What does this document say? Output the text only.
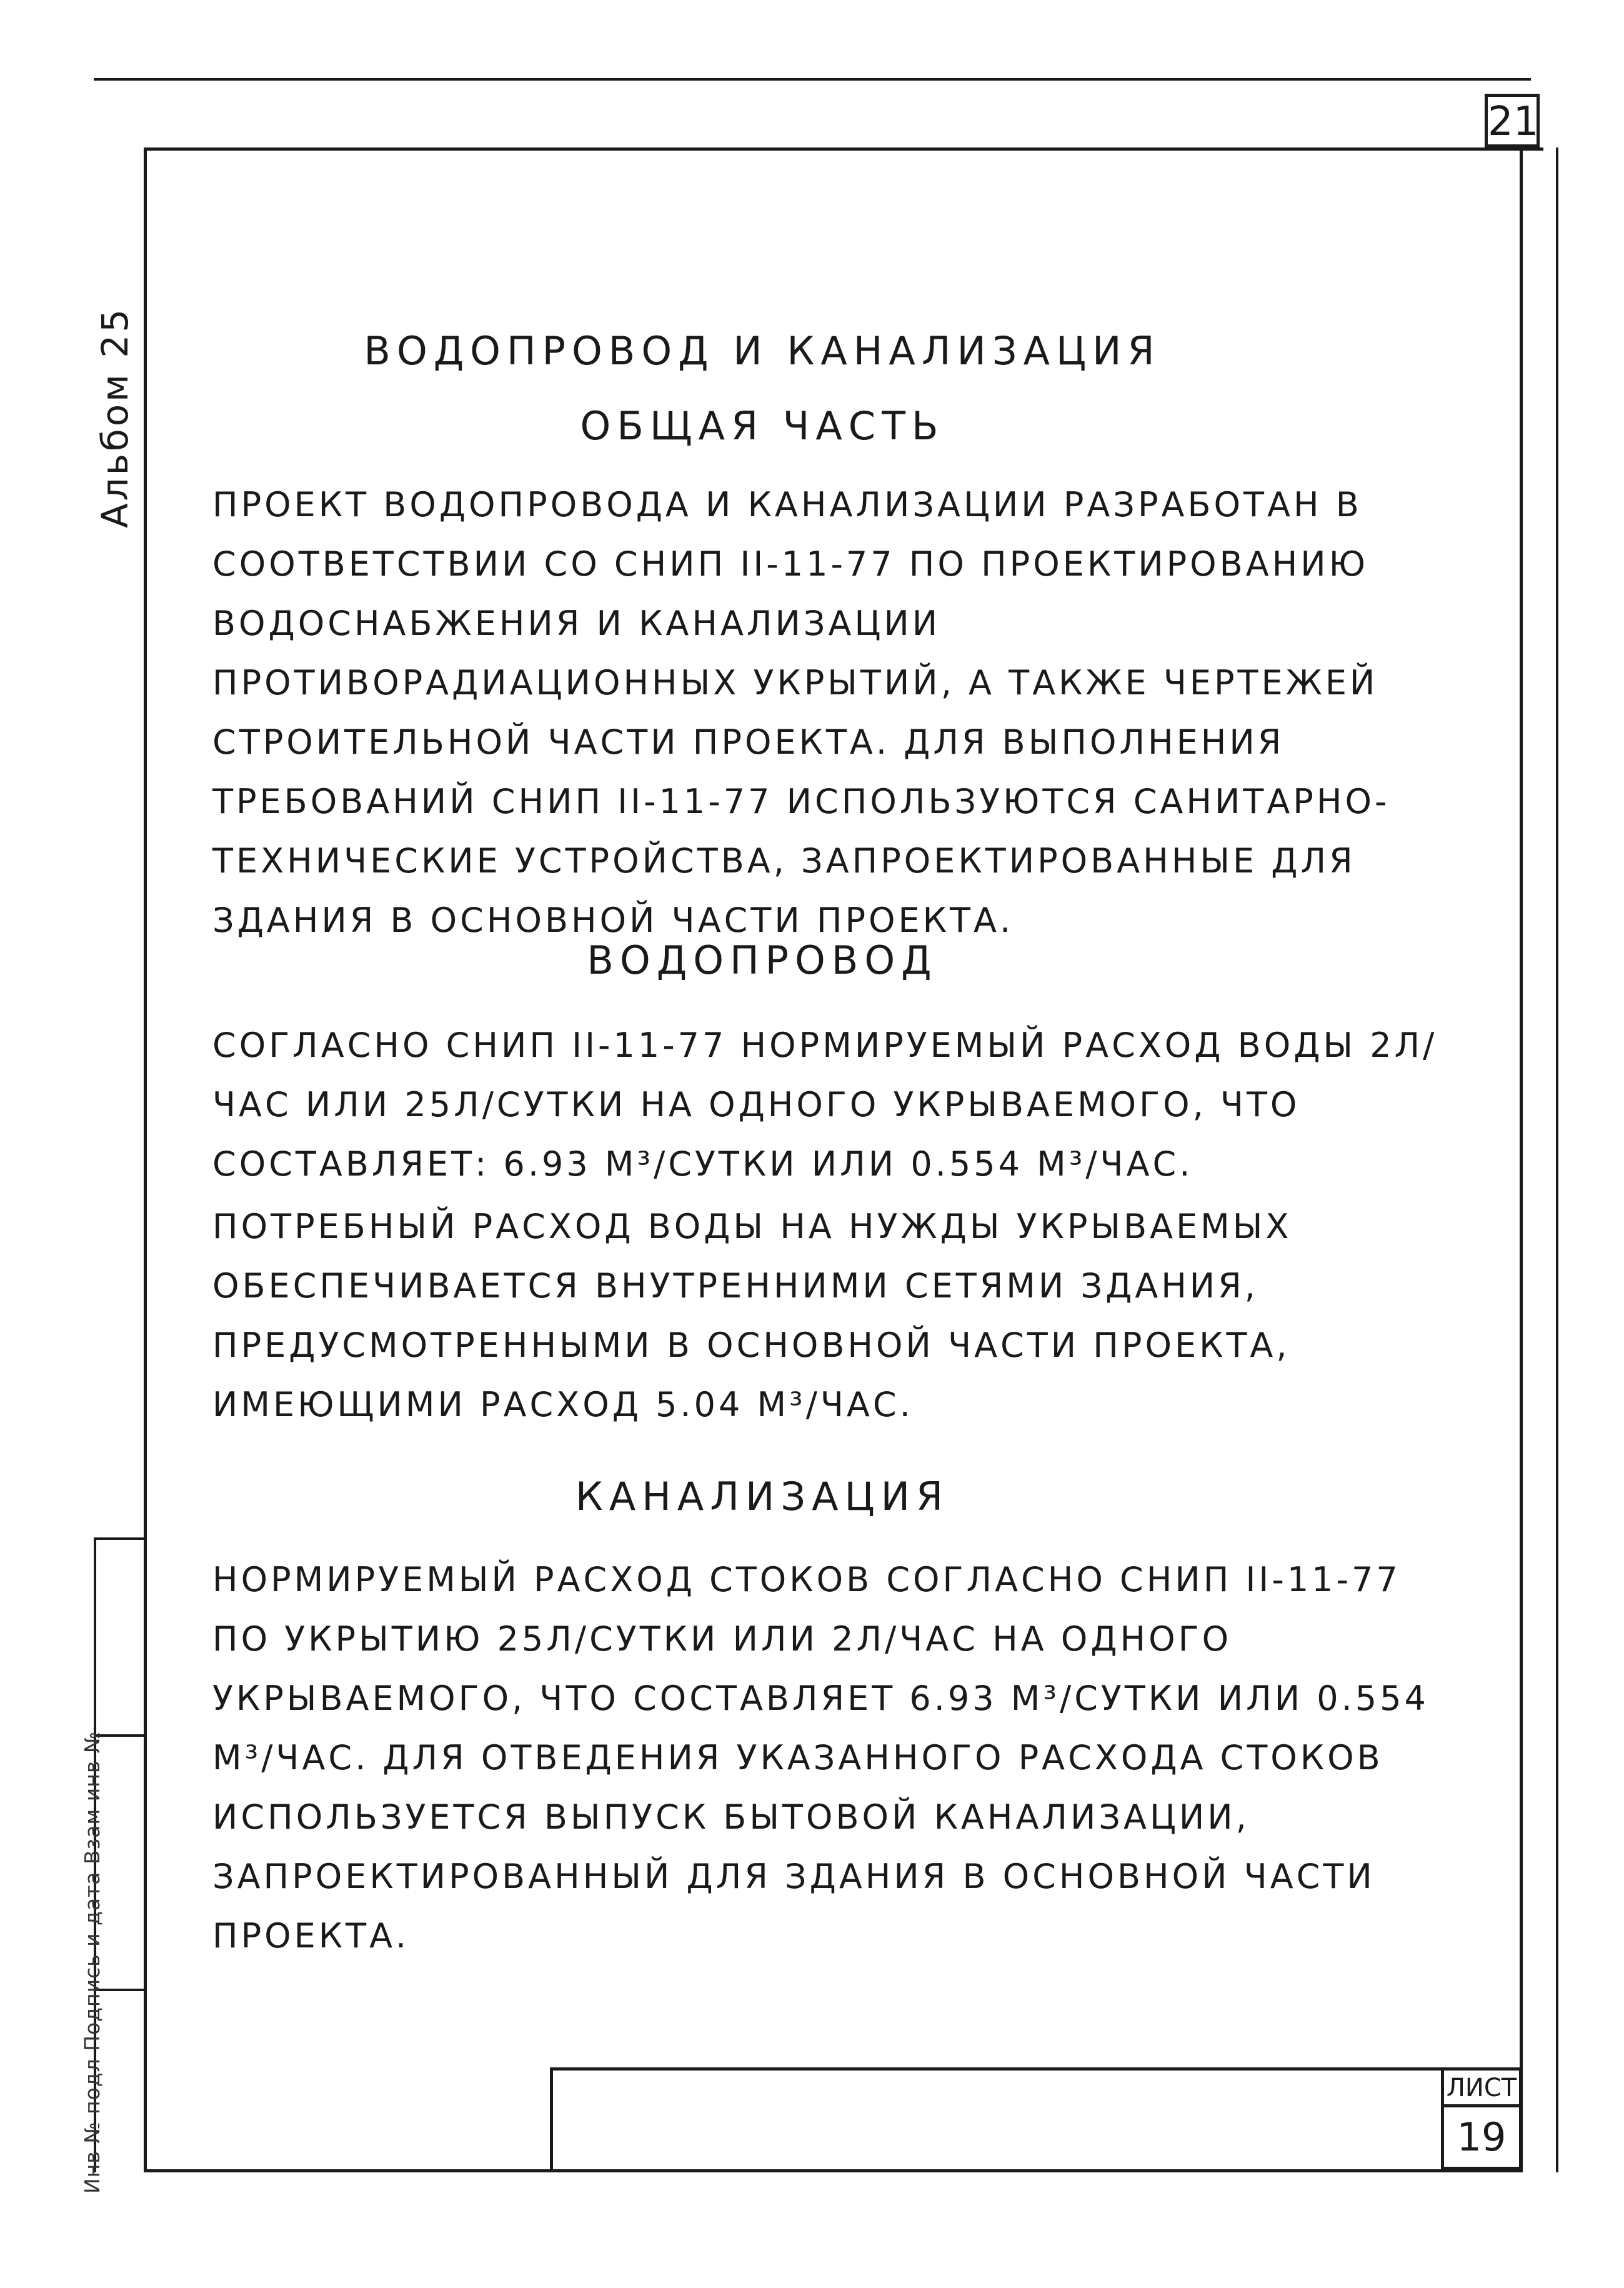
21
Альбом 25
Инв № подл Подпись и дата Взам инв №
ВОДОПРОВОД И КАНАЛИЗАЦИЯ
ОБЩАЯ ЧАСТЬ
ПРОЕКТ ВОДОПРОВОДА И КАНАЛИЗАЦИИ РАЗРАБОТАН В СООТВЕТСТВИИ СО СНИП II-11-77 ПО ПРОЕКТИРОВАНИЮ ВОДОСНАБЖЕНИЯ И КАНАЛИЗАЦИИ ПРОТИВОРАДИАЦИОННЫХ УКРЫТИЙ, А ТАКЖЕ ЧЕРТЕЖЕЙ СТРОИТЕЛЬНОЙ ЧАСТИ ПРОЕКТА. ДЛЯ ВЫПОЛНЕНИЯ ТРЕБОВАНИЙ СНИП II-11-77 ИСПОЛЬЗУЮТСЯ САНИТАРНО-ТЕХНИЧЕСКИЕ УСТРОЙСТВА, ЗАПРОЕКТИРОВАННЫЕ ДЛЯ ЗДАНИЯ В ОСНОВНОЙ ЧАСТИ ПРОЕКТА.
ВОДОПРОВОД
СОГЛАСНО СНИП II-11-77 НОРМИРУЕМЫЙ РАСХОД ВОДЫ 2Л/ЧАС ИЛИ 25Л/СУТКИ НА ОДНОГО УКРЫВАЕМОГО, ЧТО СОСТАВЛЯЕТ: 6.93 М³/СУТКИ ИЛИ 0.554 М³/ЧАС.
ПОТРЕБНЫЙ РАСХОД ВОДЫ НА НУЖДЫ УКРЫВАЕМЫХ ОБЕСПЕЧИВАЕТСЯ ВНУТРЕННИМИ СЕТЯМИ ЗДАНИЯ, ПРЕДУСМОТРЕННЫМИ В ОСНОВНОЙ ЧАСТИ ПРОЕКТА, ИМЕЮЩИМИ РАСХОД 5.04 М³/ЧАС.
КАНАЛИЗАЦИЯ
НОРМИРУЕМЫЙ РАСХОД СТОКОВ СОГЛАСНО СНИП II-11-77 ПО УКРЫТИЮ 25Л/СУТКИ ИЛИ 2Л/ЧАС НА ОДНОГО УКРЫВАЕМОГО, ЧТО СОСТАВЛЯЕТ 6.93 М³/СУТКИ ИЛИ 0.554 М³/ЧАС. ДЛЯ ОТВЕДЕНИЯ УКАЗАННОГО РАСХОДА СТОКОВ ИСПОЛЬЗУЕТСЯ ВЫПУСК БЫТОВОЙ КАНАЛИЗАЦИИ, ЗАПРОЕКТИРОВАННЫЙ ДЛЯ ЗДАНИЯ В ОСНОВНОЙ ЧАСТИ ПРОЕКТА.
ЛИСТ
19
